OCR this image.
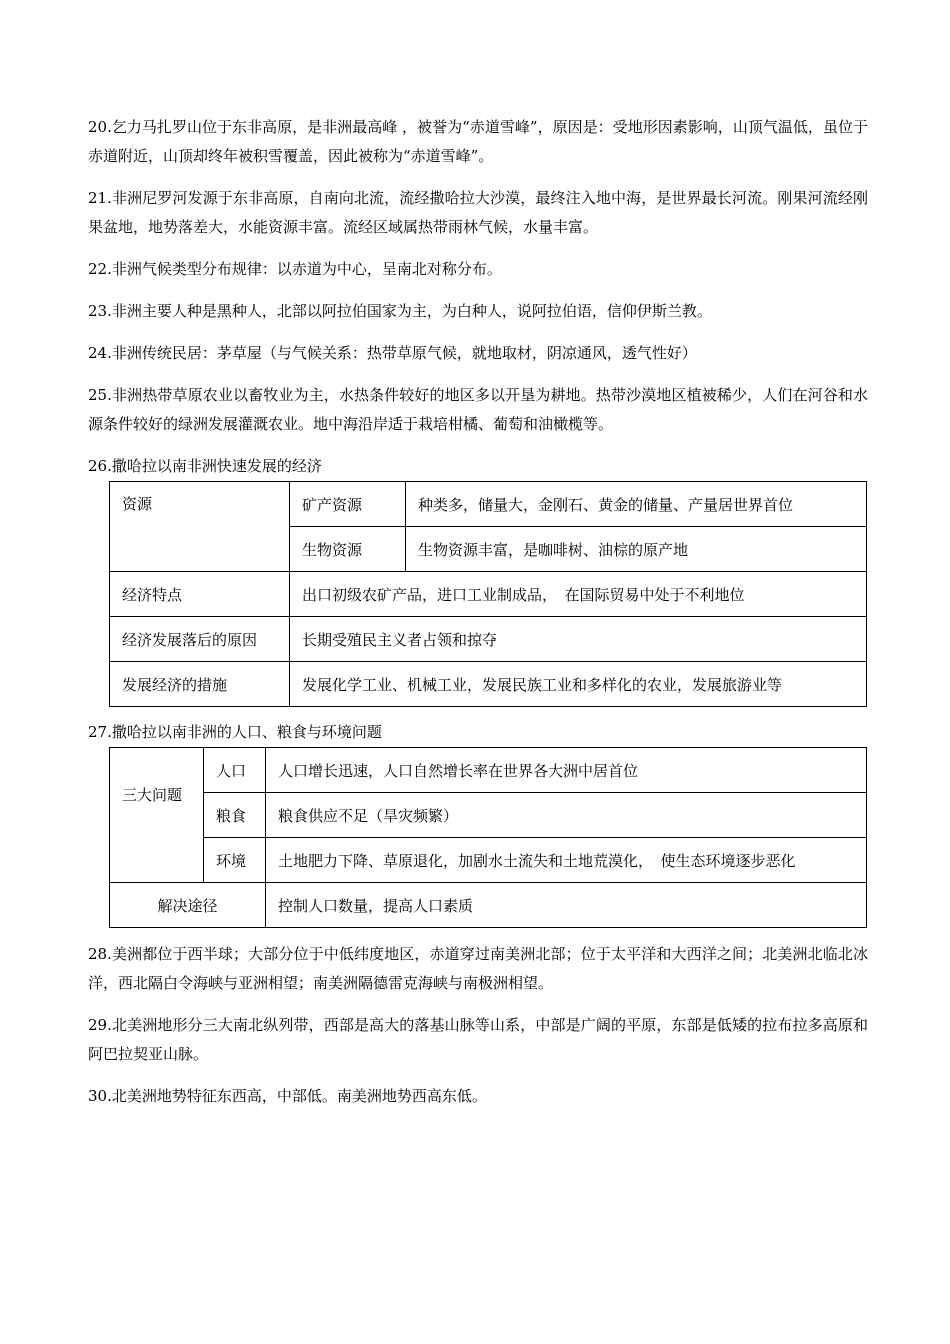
20.乞力马扎罗山位于东非高原，是非洲最高峰 ，被誉为“赤道雪峰”，原因是：受地形因素影响，山顶气温低，虽位于赤道附近，山顶却终年被积雪覆盖，因此被称为“赤道雪峰”。

21.非洲尼罗河发源于东非高原，自南向北流，流经撒哈拉大沙漠，最终注入地中海，是世界最长河流。刚果河流经刚果盆地，地势落差大，水能资源丰富。流经区域属热带雨林气候，水量丰富。

22.非洲气候类型分布规律：以赤道为中心，呈南北对称分布。

23.非洲主要人种是黑种人，北部以阿拉伯国家为主，为白种人，说阿拉伯语，信仰伊斯兰教。

24.非洲传统民居：茅草屋（与气候关系：热带草原气候，就地取材，阴凉通风，透气性好）

25.非洲热带草原农业以畜牧业为主，水热条件较好的地区多以开垦为耕地。热带沙漠地区植被稀少，人们在河谷和水源条件较好的绿洲发展灌溉农业。地中海沿岸适于栽培柑橘、葡萄和油橄榄等。

26.撒哈拉以南非洲快速发展的经济

资源	矿产资源	种类多，储量大，金刚石、黄金的储量、产量居世界首位
	生物资源	生物资源丰富，是咖啡树、油棕的原产地
经济特点	出口初级农矿产品，进口工业制成品，　在国际贸易中处于不利地位	
经济发展落后的原因	长期受殖民主义者占领和掠夺	
发展经济的措施	发展化学工业、机械工业，发展民族工业和多样化的农业，发展旅游业等	

27.撒哈拉以南非洲的人口、粮食与环境问题

三大问题	人口	人口增长迅速，人口自然增长率在世界各大洲中居首位
	粮食	粮食供应不足（旱灾频繁）
	环境	土地肥力下降、草原退化，加剧水土流失和土地荒漠化，　使生态环境逐步恶化
解决途径		控制人口数量，提高人口素质

28.美洲都位于西半球；大部分位于中低纬度地区，赤道穿过南美洲北部；位于太平洋和大西洋之间；北美洲北临北冰洋，西北隔白令海峡与亚洲相望；南美洲隔德雷克海峡与南极洲相望。

29.北美洲地形分三大南北纵列带，西部是高大的落基山脉等山系，中部是广阔的平原，东部是低矮的拉布拉多高原和阿巴拉契亚山脉。

30.北美洲地势特征东西高，中部低。南美洲地势西高东低。
